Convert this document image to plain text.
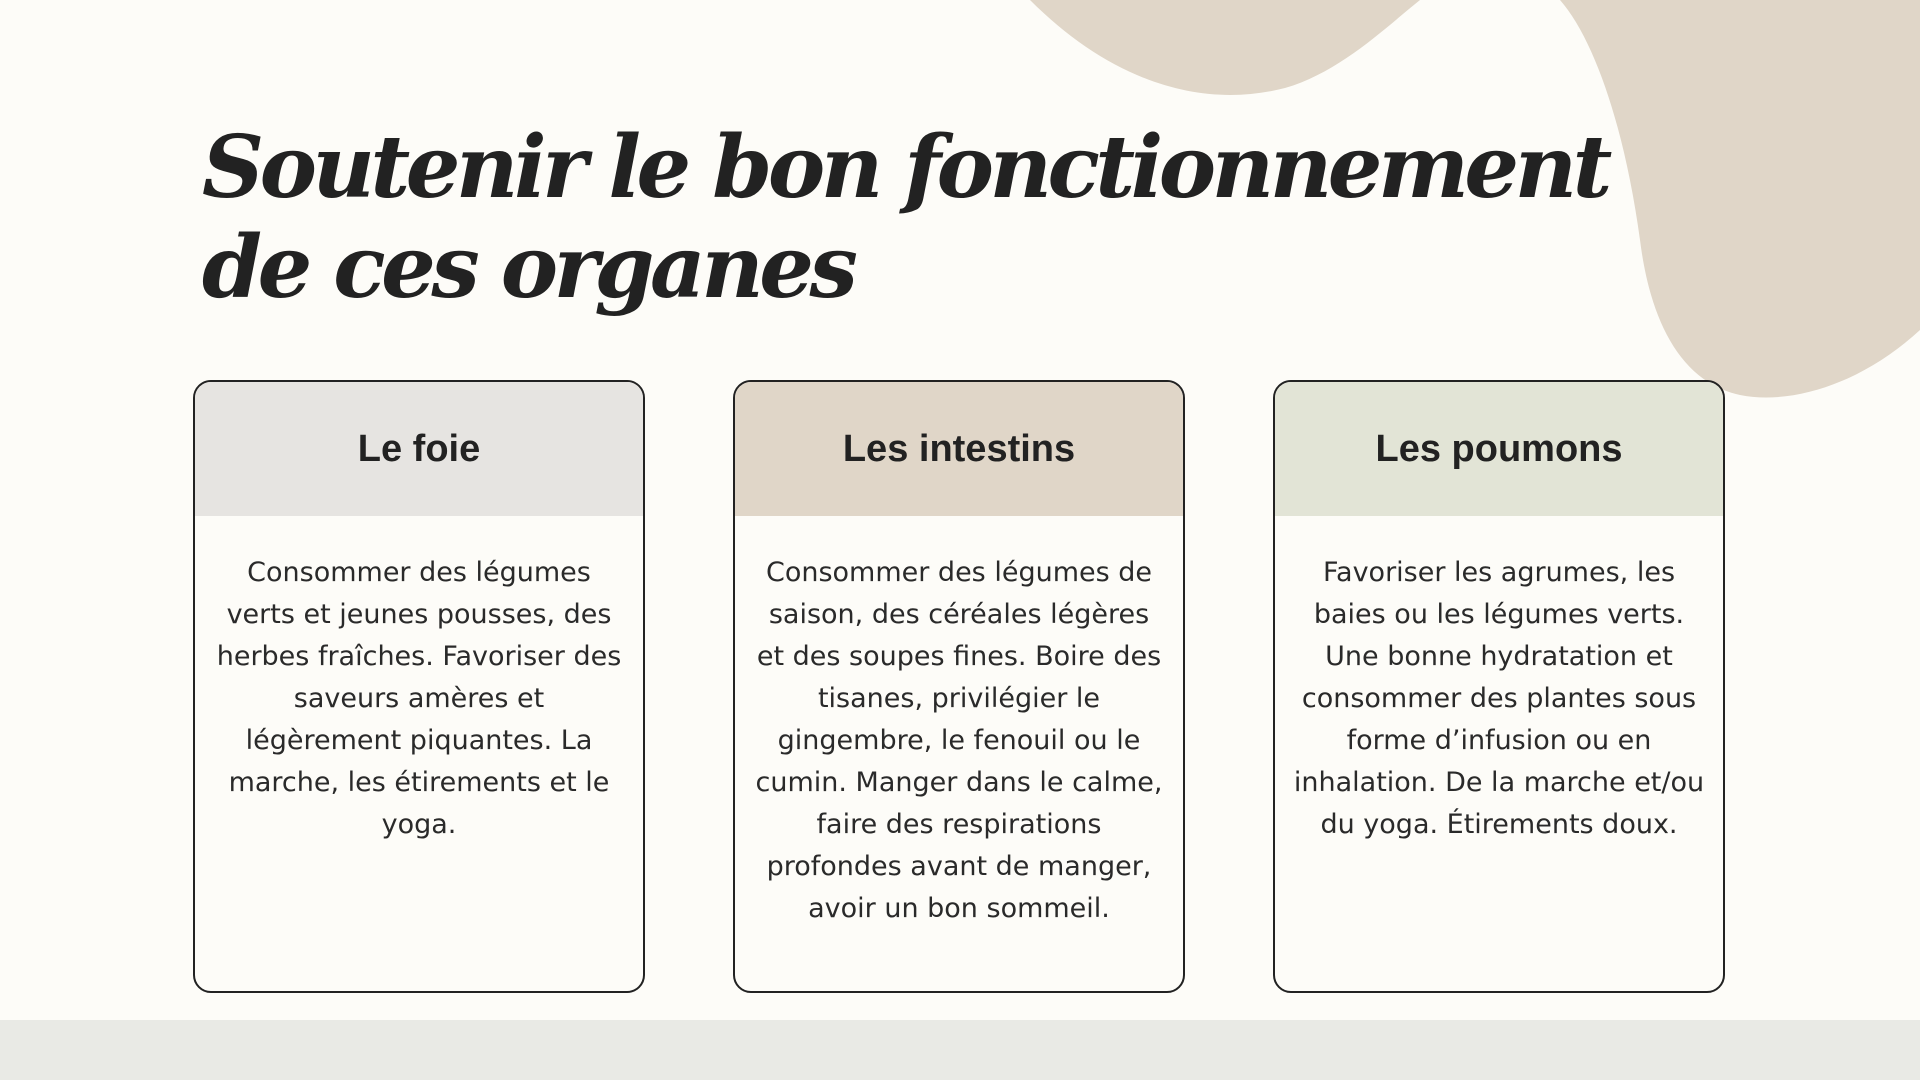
Soutenir le bon fonctionnement
de ces organes
Le foie
Consommer des légumes verts et jeunes pousses, des herbes fraîches. Favoriser des saveurs amères et légèrement piquantes. La marche, les étirements et le yoga.
Les intestins
Consommer des légumes de saison, des céréales légères et des soupes fines. Boire des tisanes, privilégier le gingembre, le fenouil ou le cumin. Manger dans le calme, faire des respirations profondes avant de manger, avoir un bon sommeil.
Les poumons
Favoriser les agrumes, les baies ou les légumes verts. Une bonne hydratation et consommer des plantes sous forme d’infusion ou en inhalation. De la marche et/ou du yoga. Étirements doux.
